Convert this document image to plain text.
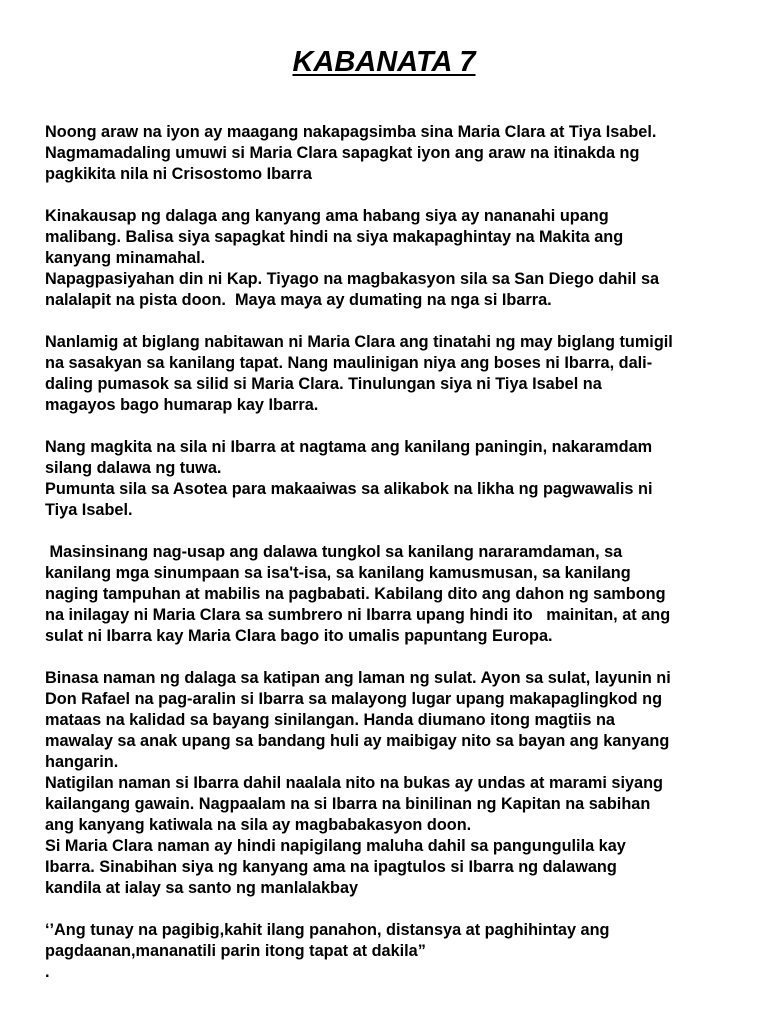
KABANATA 7
Noong araw na iyon ay maagang nakapagsimba sina Maria Clara at Tiya Isabel.
Nagmamadaling umuwi si Maria Clara sapagkat iyon ang araw na itinakda ng
pagkikita nila ni Crisostomo Ibarra
Kinakausap ng dalaga ang kanyang ama habang siya ay nananahi upang
malibang. Balisa siya sapagkat hindi na siya makapaghintay na Makita ang
kanyang minamahal.
Napagpasiyahan din ni Kap. Tiyago na magbakasyon sila sa San Diego dahil sa
nalalapit na pista doon.  Maya maya ay dumating na nga si Ibarra.
Nanlamig at biglang nabitawan ni Maria Clara ang tinatahi ng may biglang tumigil
na sasakyan sa kanilang tapat. Nang maulinigan niya ang boses ni Ibarra, dali-
daling pumasok sa silid si Maria Clara. Tinulungan siya ni Tiya Isabel na
magayos bago humarap kay Ibarra.
Nang magkita na sila ni Ibarra at nagtama ang kanilang paningin, nakaramdam
silang dalawa ng tuwa.
Pumunta sila sa Asotea para makaaiwas sa alikabok na likha ng pagwawalis ni
Tiya Isabel.
Masinsinang nag-usap ang dalawa tungkol sa kanilang nararamdaman, sa
kanilang mga sinumpaan sa isa't-isa, sa kanilang kamusmusan, sa kanilang
naging tampuhan at mabilis na pagbabati. Kabilang dito ang dahon ng sambong
na inilagay ni Maria Clara sa sumbrero ni Ibarra upang hindi ito   mainitan, at ang
sulat ni Ibarra kay Maria Clara bago ito umalis papuntang Europa.
Binasa naman ng dalaga sa katipan ang laman ng sulat. Ayon sa sulat, layunin ni
Don Rafael na pag-aralin si Ibarra sa malayong lugar upang makapaglingkod ng
mataas na kalidad sa bayang sinilangan. Handa diumano itong magtiis na
mawalay sa anak upang sa bandang huli ay maibigay nito sa bayan ang kanyang
hangarin.
Natigilan naman si Ibarra dahil naalala nito na bukas ay undas at marami siyang
kailangang gawain. Nagpaalam na si Ibarra na binilinan ng Kapitan na sabihan
ang kanyang katiwala na sila ay magbabakasyon doon.
Si Maria Clara naman ay hindi napigilang maluha dahil sa pangungulila kay
Ibarra. Sinabihan siya ng kanyang ama na ipagtulos si Ibarra ng dalawang
kandila at ialay sa santo ng manlalakbay
‘’Ang tunay na pagibig,kahit ilang panahon, distansya at paghihintay ang
pagdaanan,mananatili parin itong tapat at dakila”
.
